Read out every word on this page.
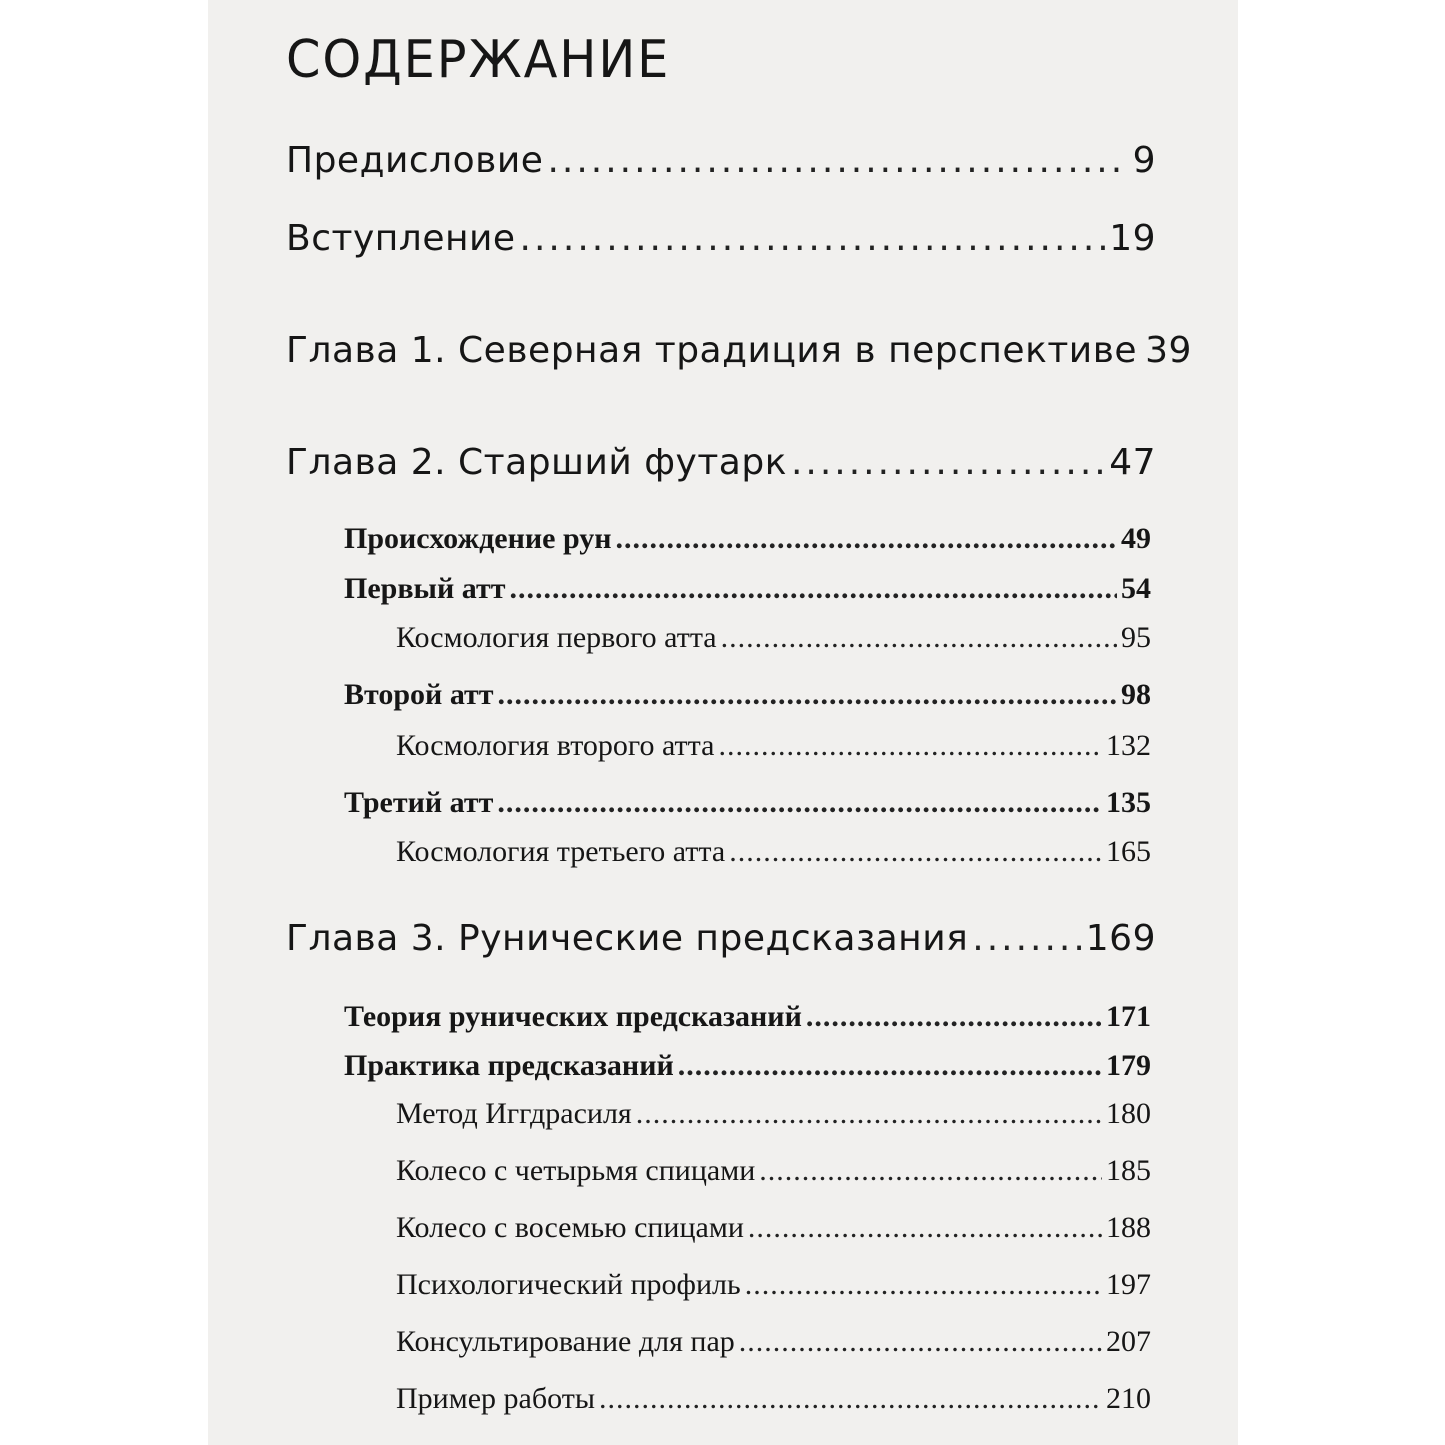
СОДЕРЖАНИЕ
Предисловие .....	9
Вступление .....	19
Глава 1. Северная традиция в перспективе 39
Глава 2. Старший футарк .....	47
Происхождение рун .....	49
Первый атт .....	54
Космология первого атта .....	95
Второй атт .....	98
Космология второго атта .....	132
Третий атт .....	135
Космология третьего атта .....	165
Глава 3. Рунические предсказания .....	169
Теория рунических предсказаний .....	171
Практика предсказаний .....	179
Метод Иггдрасиля .....	180
Колесо с четырьмя спицами .....	185
Колесо с восемью спицами .....	188
Психологический профиль .....	197
Консультирование для пар .....	207
Пример работы .....	210
